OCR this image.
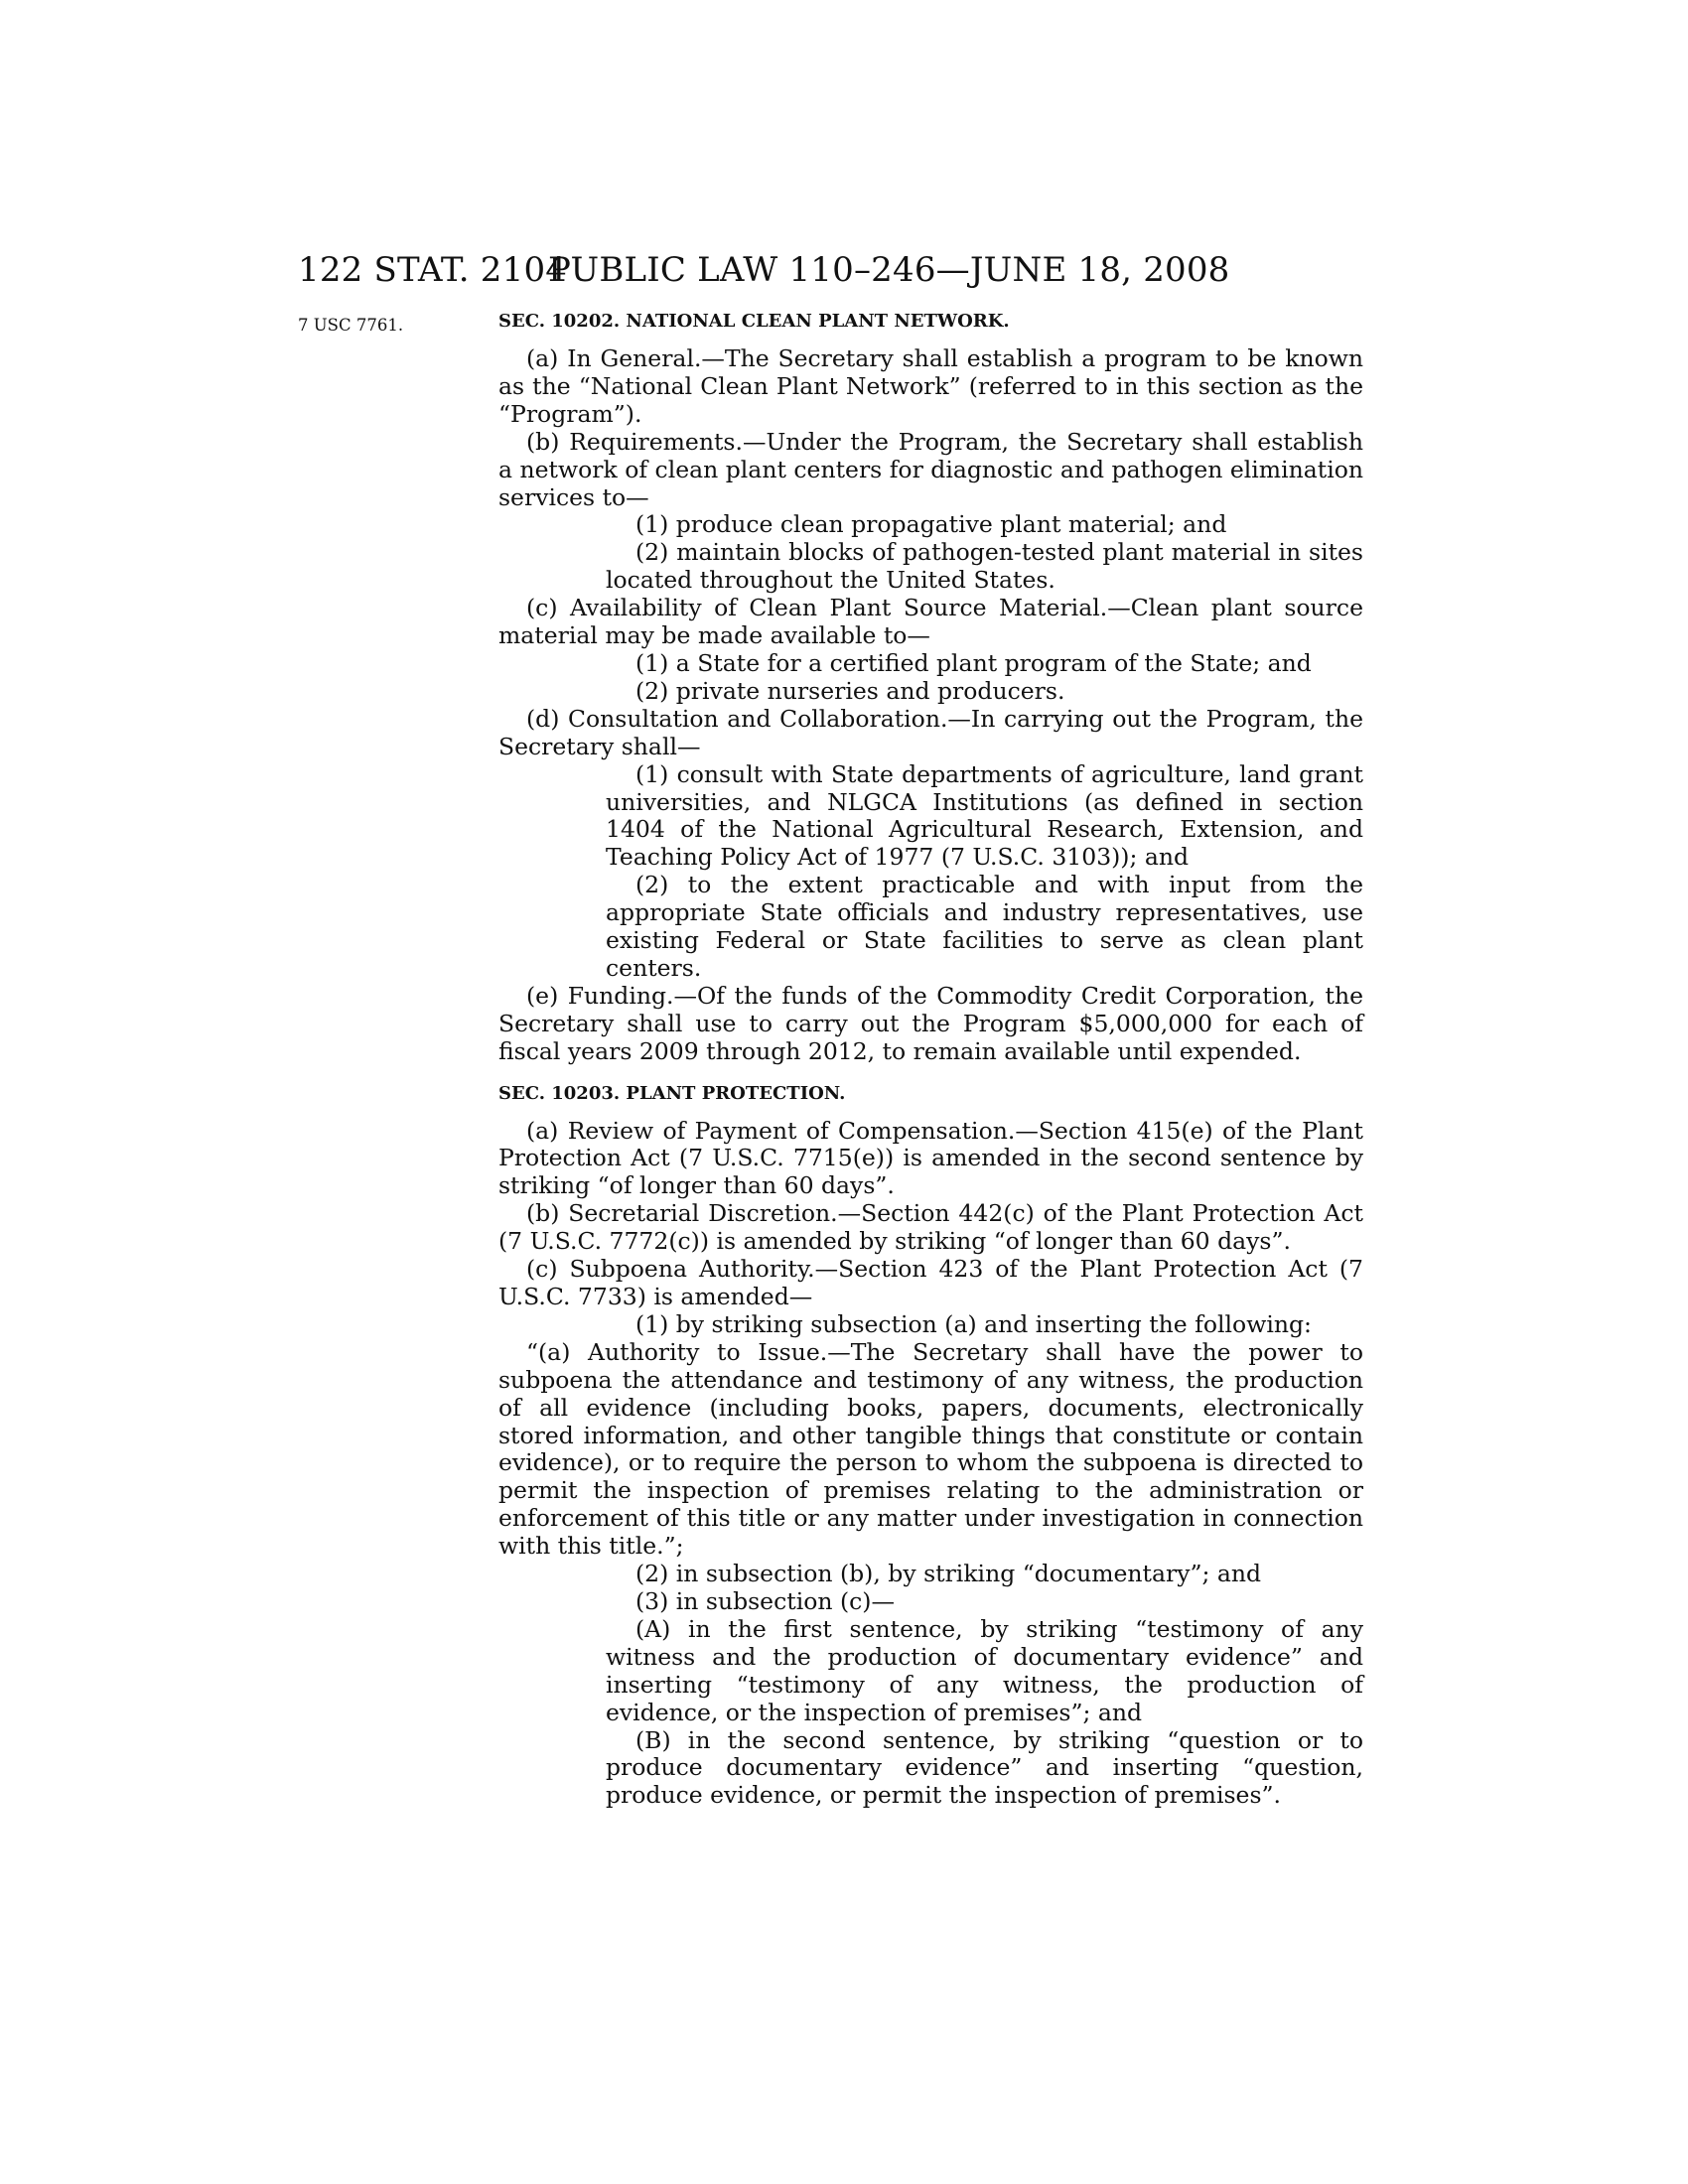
122 STAT. 2104
PUBLIC LAW 110–246—JUNE 18, 2008
7 USC 7761.	SEC. 10202. NATIONAL CLEAN PLANT NETWORK.

(a) In General.—The Secretary shall establish a program to be known as the “National Clean Plant Network” (referred to in this section as the “Program”).

(b) Requirements.—Under the Program, the Secretary shall establish a network of clean plant centers for diagnostic and pathogen elimination services to—

(1) produce clean propagative plant material; and

(2) maintain blocks of pathogen-tested plant material in sites located throughout the United States.

(c) Availability of Clean Plant Source Material.—Clean plant source material may be made available to—

(1) a State for a certified plant program of the State; and

(2) private nurseries and producers.

(d) Consultation and Collaboration.—In carrying out the Program, the Secretary shall—

(1) consult with State departments of agriculture, land grant universities, and NLGCA Institutions (as defined in section 1404 of the National Agricultural Research, Extension, and Teaching Policy Act of 1977 (7 U.S.C. 3103)); and

(2) to the extent practicable and with input from the appropriate State officials and industry representatives, use existing Federal or State facilities to serve as clean plant centers.

(e) Funding.—Of the funds of the Commodity Credit Corporation, the Secretary shall use to carry out the Program $5,000,000 for each of fiscal years 2009 through 2012, to remain available until expended.

SEC. 10203. PLANT PROTECTION.

(a) Review of Payment of Compensation.—Section 415(e) of the Plant Protection Act (7 U.S.C. 7715(e)) is amended in the second sentence by striking “of longer than 60 days”.

(b) Secretarial Discretion.—Section 442(c) of the Plant Protection Act (7 U.S.C. 7772(c)) is amended by striking “of longer than 60 days”.

(c) Subpoena Authority.—Section 423 of the Plant Protection Act (7 U.S.C. 7733) is amended—

(1) by striking subsection (a) and inserting the following:

“(a) Authority to Issue.—The Secretary shall have the power to subpoena the attendance and testimony of any witness, the production of all evidence (including books, papers, documents, electronically stored information, and other tangible things that constitute or contain evidence), or to require the person to whom the subpoena is directed to permit the inspection of premises relating to the administration or enforcement of this title or any matter under investigation in connection with this title.”;

(2) in subsection (b), by striking “documentary”; and

(3) in subsection (c)—

(A) in the first sentence, by striking “testimony of any witness and the production of documentary evidence” and inserting “testimony of any witness, the production of evidence, or the inspection of premises”; and

(B) in the second sentence, by striking “question or to produce documentary evidence” and inserting “question, produce evidence, or permit the inspection of premises”.
